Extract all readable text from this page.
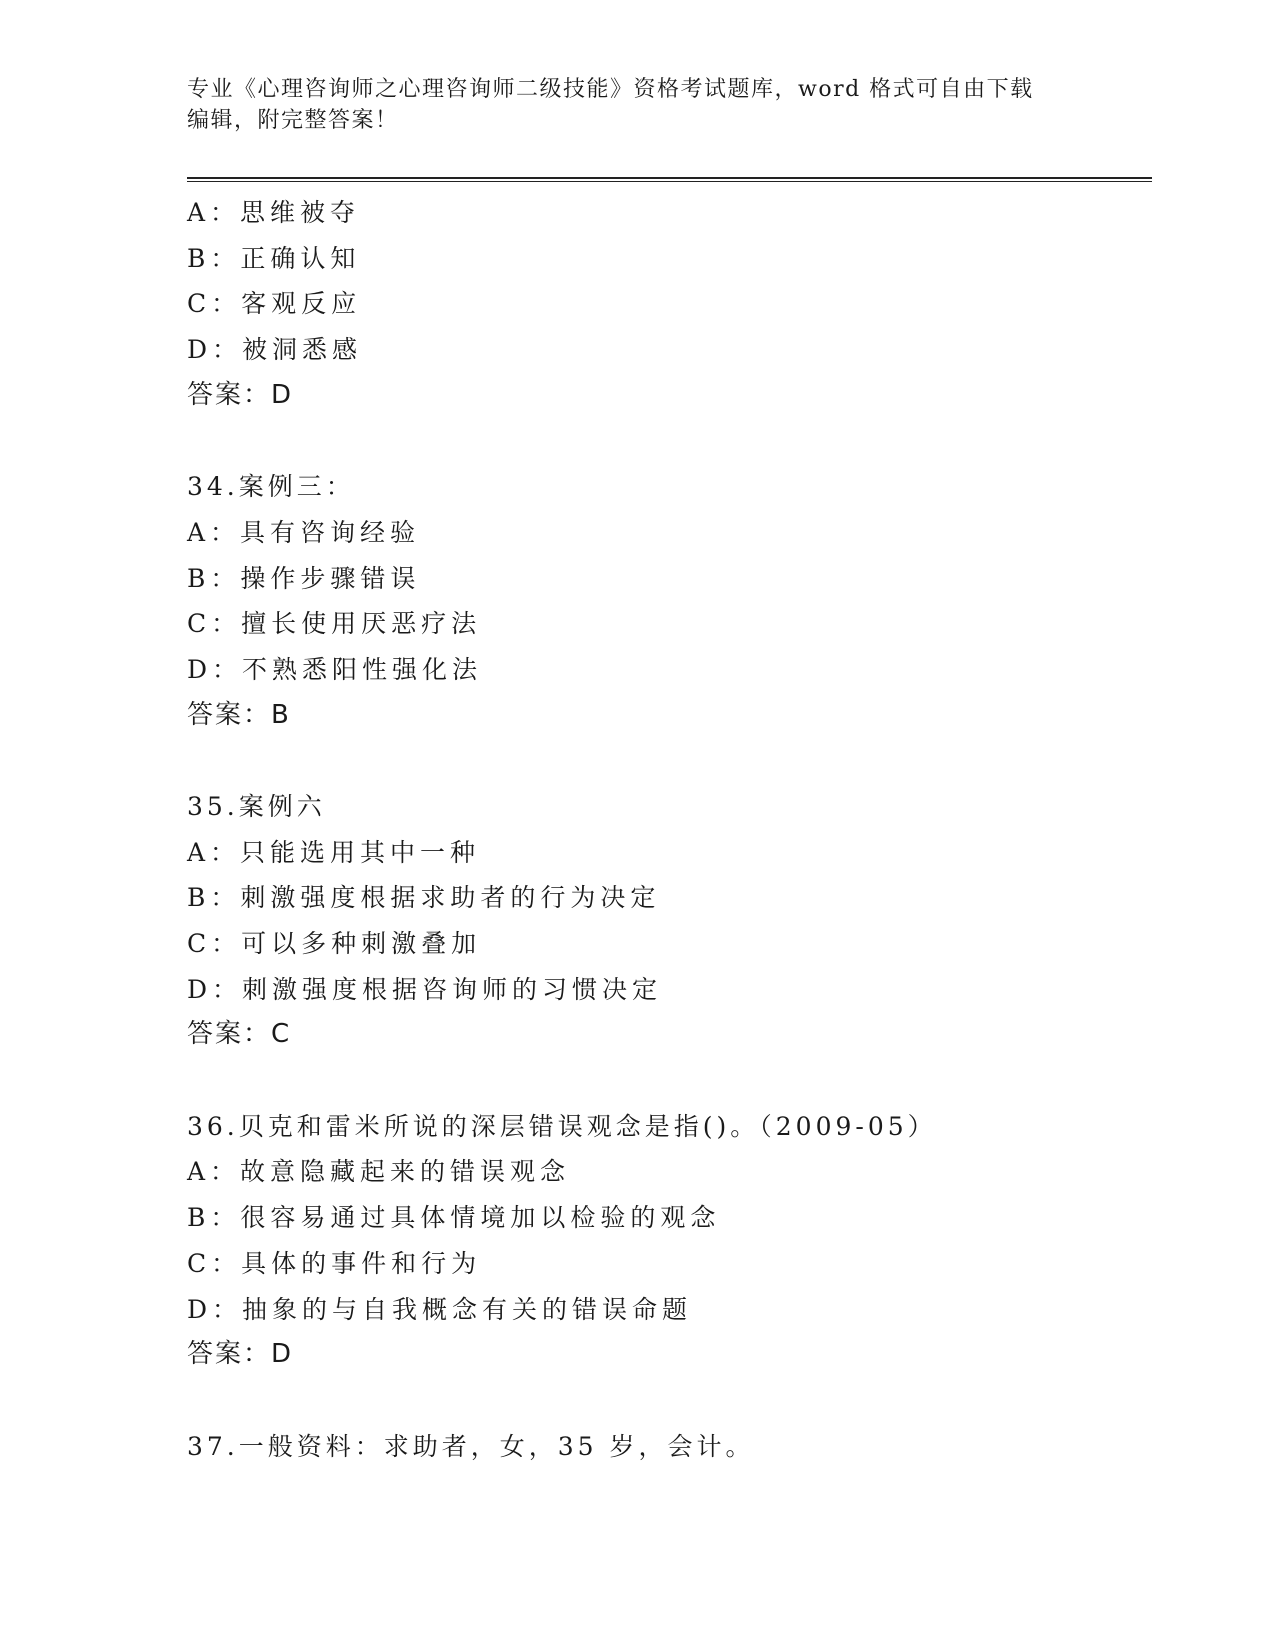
专业《心理咨询师之心理咨询师二级技能》资格考试题库，word 格式可自由下载
编辑，附完整答案！
A：思维被夺
B：正确认知
C：客观反应
D：被洞悉感
答案：D
34.案例三：
A：具有咨询经验
B：操作步骤错误
C：擅长使用厌恶疗法
D：不熟悉阳性强化法
答案：B
35.案例六
A：只能选用其中一种
B：刺激强度根据求助者的行为决定
C：可以多种刺激叠加
D：刺激强度根据咨询师的习惯决定
答案：C
36.贝克和雷米所说的深层错误观念是指()。（2009-05）
A：故意隐藏起来的错误观念
B：很容易通过具体情境加以检验的观念
C：具体的事件和行为
D：抽象的与自我概念有关的错误命题
答案：D
37.一般资料：求助者，女，35 岁，会计。
